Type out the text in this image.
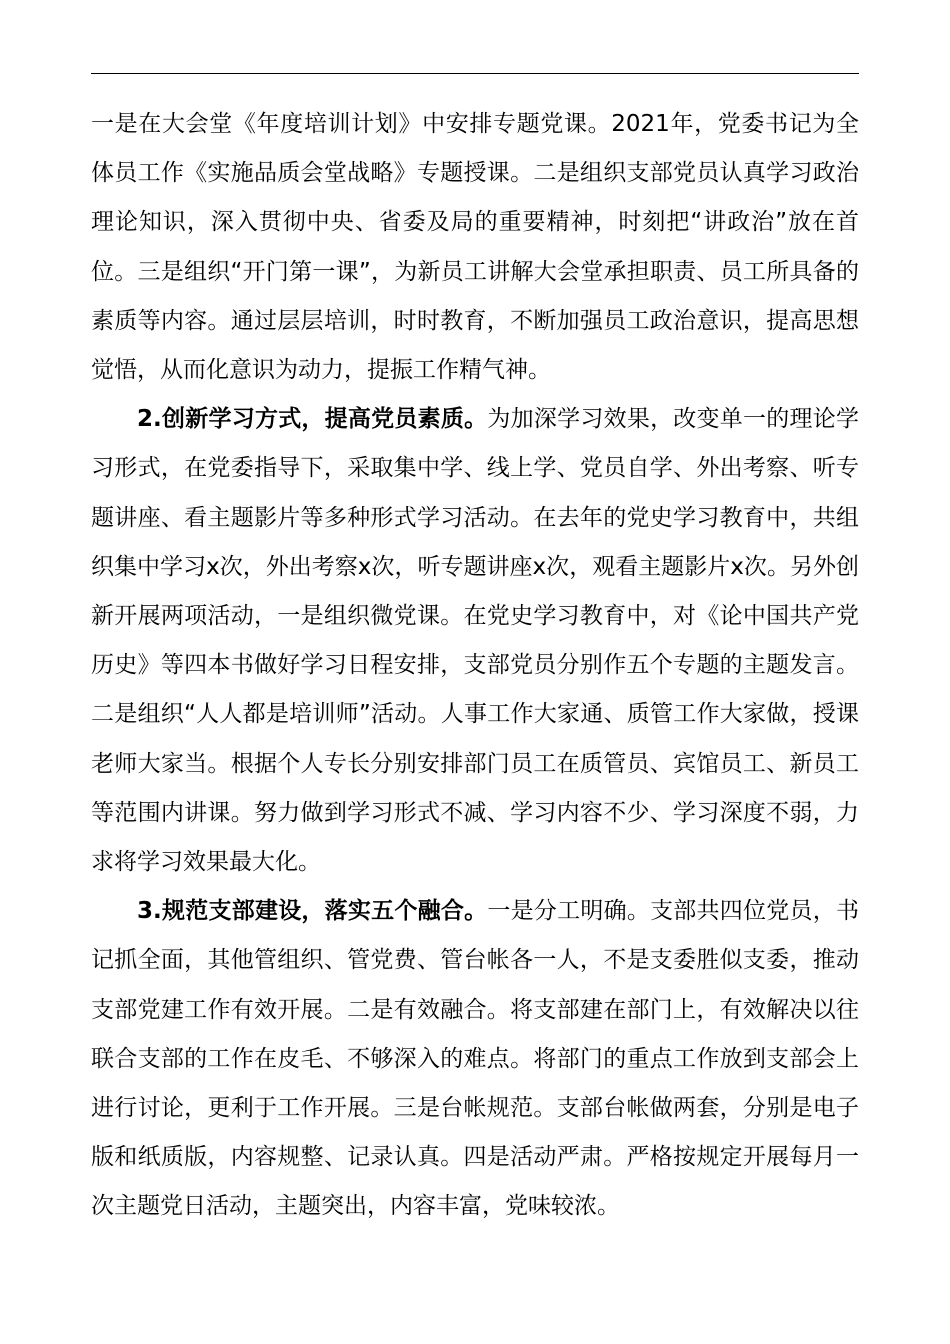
一是在大会堂《年度培训计划》中安排专题党课。2021年，党委书记为全体员工作《实施品质会堂战略》专题授课。二是组织支部党员认真学习政治理论知识，深入贯彻中央、省委及局的重要精神，时刻把“讲政治”放在首位。三是组织“开门第一课”，为新员工讲解大会堂承担职责、员工所具备的素质等内容。通过层层培训，时时教育，不断加强员工政治意识，提高思想觉悟，从而化意识为动力，提振工作精气神。

2.创新学习方式，提高党员素质。为加深学习效果，改变单一的理论学习形式，在党委指导下，采取集中学、线上学、党员自学、外出考察、听专题讲座、看主题影片等多种形式学习活动。在去年的党史学习教育中，共组织集中学习x次，外出考察x次，听专题讲座x次，观看主题影片x次。另外创新开展两项活动，一是组织微党课。在党史学习教育中，对《论中国共产党历史》等四本书做好学习日程安排，支部党员分别作五个专题的主题发言。二是组织“人人都是培训师”活动。人事工作大家通、质管工作大家做，授课老师大家当。根据个人专长分别安排部门员工在质管员、宾馆员工、新员工等范围内讲课。努力做到学习形式不减、学习内容不少、学习深度不弱，力求将学习效果最大化。

3.规范支部建设，落实五个融合。一是分工明确。支部共四位党员，书记抓全面，其他管组织、管党费、管台帐各一人，不是支委胜似支委，推动支部党建工作有效开展。二是有效融合。将支部建在部门上，有效解决以往联合支部的工作在皮毛、不够深入的难点。将部门的重点工作放到支部会上进行讨论，更利于工作开展。三是台帐规范。支部台帐做两套，分别是电子版和纸质版，内容规整、记录认真。四是活动严肃。严格按规定开展每月一次主题党日活动，主题突出，内容丰富，党味较浓。
